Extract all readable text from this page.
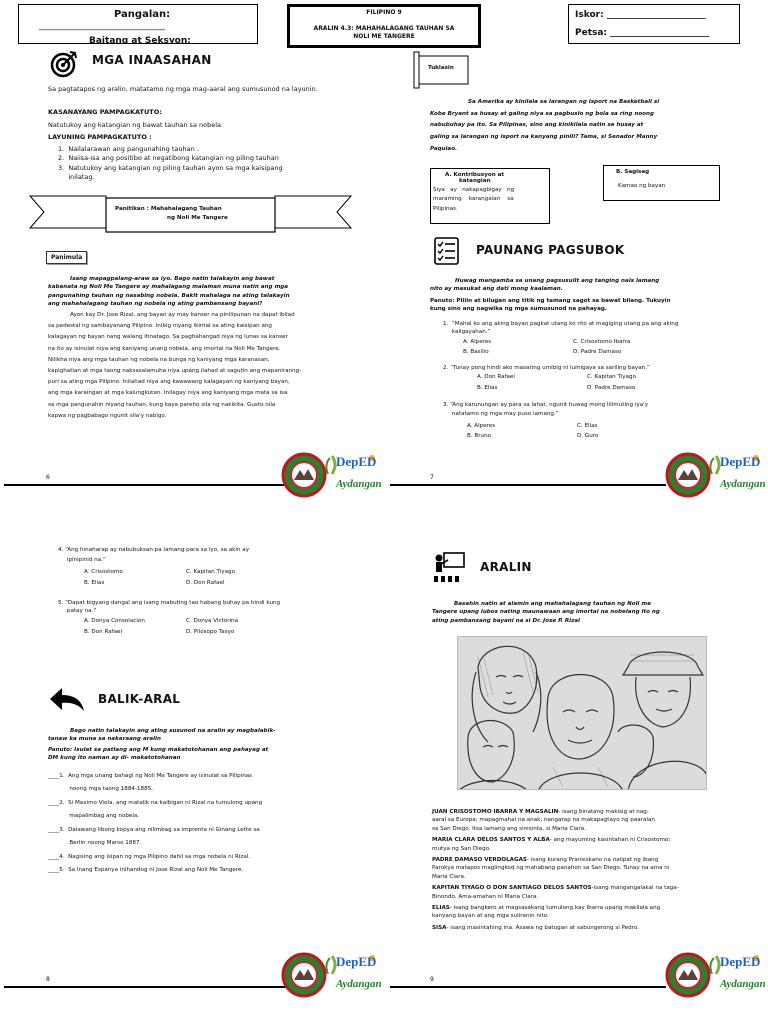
Pangalan:
____________________________
Baitang at Seksyon:
FILIPINO 9
ARALIN 4.3: MAHAHALAGANG TAUHAN SA
NOLI ME TANGERE
Iskor: ______________________
Petsa: ______________________
MGA INAASAHAN
Sa pagtatapos ng aralin, matatamo ng mga mag-aaral ang sumusunod na layunin.
KASANAYANG PAMPAGKATUTO:
Natutukoy ang katangian ng bawat tauhan sa nobela.
LAYUNING PAMPAGKATUTO :
1.  Nailalarawan ang pangunahing tauhan .
2.  Naiisa-isa ang positibo at negatibong katangian ng piling tauhan
3.  Natutukoy ang katangian ng piling tauhan ayon sa mga kaisipang
inilatag.
Panitikan : Mahahalagang Tauhan
ng Noli Me Tangere
Panimula
Isang mapagpalang-araw sa iyo. Bago natin talakayin ang bawat
kabanata ng Noli Me Tangere ay mahalagang malaman muna natin ang mga
pangunahing tauhan ng nasabing nobela. Bakit mahalaga na ating talakayin
ang mahahalagang tauhan ng nobela ng ating pambansang bayani?
Ayon kay Dr. Jose Rizal, ang bayan ay may kanser na pinilipunan na dapat ibilad
sa pedestal ng sambayanang Pilipino. Inibig niyang ikintal sa ating kaisipan ang
kalagayan ng bayan nang walang itinatago. Sa paghahangad niya ng lunas sa kanser
na ito ay isinulat niya ang kaniyang unang nobela, ang imortal na Noli Me Tangere.
Nilikha niya ang mga tauhan ng nobela na bunga ng kaniyang mga karanasan,
kapighatian at mga taong naksasalamuha niya upang ilahad at sagutin ang mapaniranng-
puri sa ating mga Pilipino. Inilahad niya ang kawawang kalagayan ng kaniyang bayan,
ang mga karaingan at mga kalungkutan. Inilagay niya ang kaniyang mga mata sa isa
sa mga pangunahin niyang tauhan, kung kaya pareho sila ng nakikita. Gusto nila
kapwa ng pagbabago ngunit sila'y nabigo.
6
Tuklasin
Sa Amerika ay kinilala sa larangan ng isport na Basketball si
Kobe Bryant sa husay at galing niya sa pagbuslo ng bola sa ring noong
nabubuhay pa ito. Sa Pilipinas, sino ang kinikilala natin sa husay at
galing sa larangan ng isport na kanyang pinili? Tama, si Senador Manny
Paquiao.
A. Kontribusyon at
katangian
Siya   ay   nakapagbigay   ng
maraming    karangalan    sa
Pilipinas.
B. Sagisag
Kamao ng bayan
PAUNANG PAGSUBOK
Huwag mangamba sa unang pagsusulit ang tanging nais lamang
nito ay masukat ang dati mong kaalaman.
Panuto: Piliin at bilugan ang titik ng tamang sagot sa bawat bilang. Tukuyin
kung sino ang nagwika ng mga sumusunod na pahayag.
1.  “Mahal ko ang aking bayan pagkat utang ko rito at magiging utang pa ang aking
kaligayahan.”
A. Alperes	C. Crisostomo Ibarra
B. Basilio	D. Padre Damaso
2. “Tunay pong hindi ako masaring umibig ni lumigaya sa sariling bayan.”
A. Don Rafael	C. Kapitan Tiyago
B. Elias	D. Padre Damaso
3. “Ang karunungan ay para sa lahat, ngunit huwag mong lilimuting iya'y
natatamo ng mga may puso lamang.”
A. Alperes	C. Elias
B. Bruno	D. Guro
7
4. “Ang hinaharap ay nabubuksan pa lamang para sa iyo, sa akin ay
ipinipinid na.”
A. Crisostomo	C. Kapitan Tiyago
B. Elias	D. Don Rafael
5. “Dapat bigyang dangal ang isang mabuting tao habang buhay pa hindi kung
patay na.”
A. Donya Consolacion	C. Donya Victorina
B. Don Rafael	D. Pilosopo Tasyo
BALIK-ARAL
Bago natin talakayin ang ating susunod na aralin ay magbalabik-
tanaw ka muna sa nakaraang aralin
Panuto: Isulat sa patlang ang M kung makatotohanan ang pahayag at
DM kung ito naman ay di- makatotohanan
____1.  Ang mga unang bahagi ng Noli Me Tangere ay isinulat sa Pilipinas
noong mga taong 1884-1885.
____2.  Si Maximo Viola, ang matalik na kaibigan ni Rizal na tumulong upang
mapalimbag ang nobela.
____3.  Dalawang libong kopya ang nilimbag sa imprenta ni Ginang Lette sa
Berlin noong Marso 1887.
____4.  Nagising ang isipan ng mga Pilipino dahil sa mga nobela ni Rizal.
____5.  Sa Inang Espanya inihandog ni Jose Rizal ang Noli Me Tangere.
8
ARALIN
Basahin natin at alamin ang mahahalagang tauhan ng Noli me
Tangere upang lubos nating maunawaan ang imortal na nobelang ito ng
ating pambansang bayani na si Dr. Jose P. Rizal
JUAN CRISOSTOMO IBARRA Y MAGSALIN- isang binatang makisig at nag-
aaral sa Europa; mapagmahal na anak; nangarap na makapagtayo ng paaralan
sa San Diego. Itsa lamang ang sinisinta, si Maria Clara.
MARIA CLARA DELOS SANTOS Y ALBA- ang mayuming kasintahan ni Crisostomo;
mutya ng San Diego.
PADRE DAMASO VERDOLAGAS- isang kurang Pransiskano na nalipat ng ibang
Parokya matapos maglingkod ng mahabang panahon sa San Diego. Tunay na ama ni
Maria Clara.
KAPITAN TIYAGO O DON SANTIAGO DELOS SANTOS-isang mangangalakal na taga-
Binondo. Ama-amahan ni Maria Clara.
ELIAS- isang bangkero at magsasakang tumulong kay Ibarra upang makilala ang
kanyang bayan at ang mga suliranin nito.
SISA- isang masintahing ina. Asawa ng batugan at sabungerong si Pedro.
9
DepED
Aydangan
DepED
Aydangan
DepED
Aydangan
DepED
Aydangan
